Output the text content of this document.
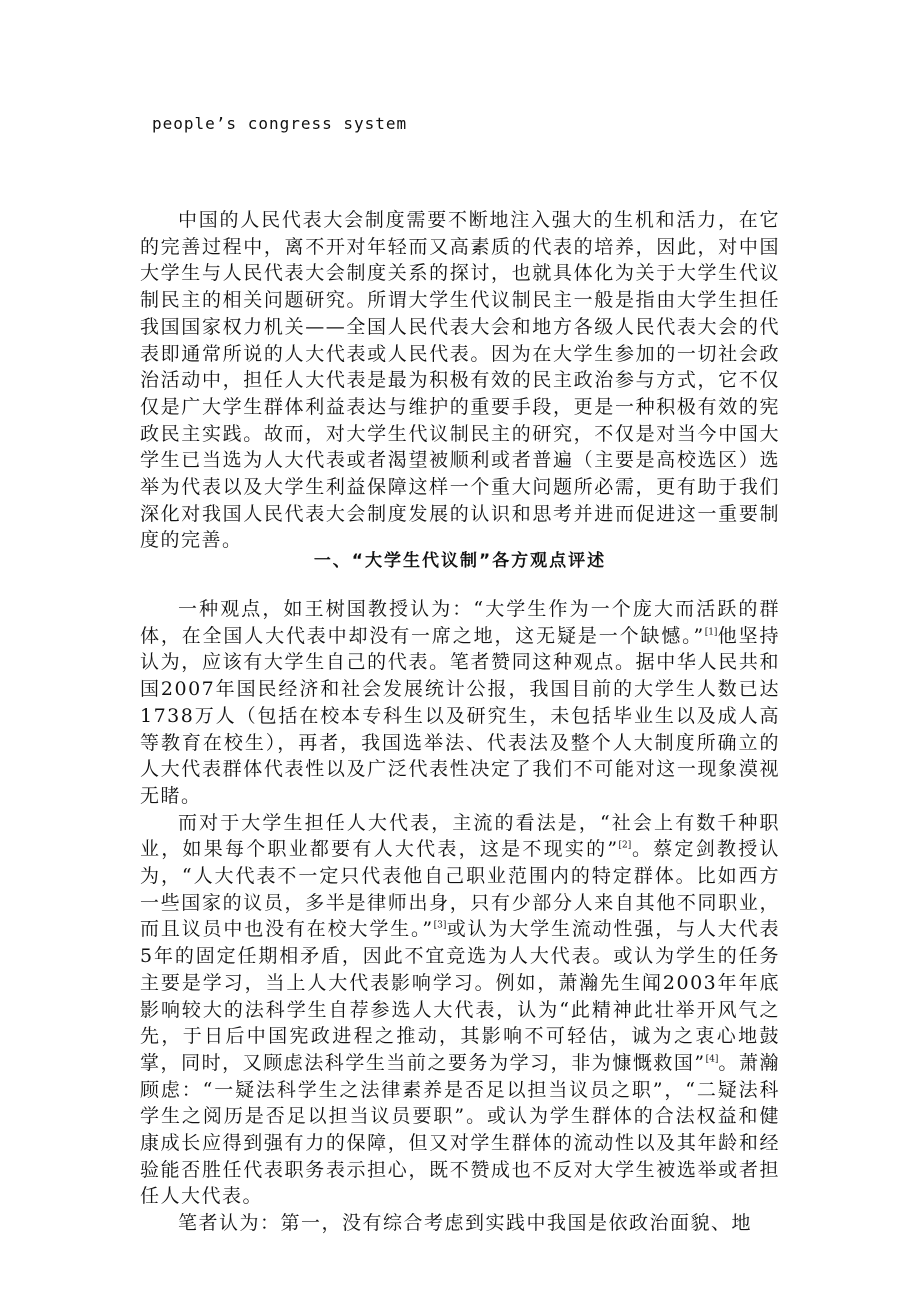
people’s congress system

中国的人民代表大会制度需要不断地注入强大的生机和活力，在它的完善过程中，离不开对年轻而又高素质的代表的培养，因此，对中国大学生与人民代表大会制度关系的探讨，也就具体化为关于大学生代议制民主的相关问题研究。所谓大学生代议制民主一般是指由大学生担任我国国家权力机关——全国人民代表大会和地方各级人民代表大会的代表即通常所说的人大代表或人民代表。因为在大学生参加的一切社会政治活动中，担任人大代表是最为积极有效的民主政治参与方式，它不仅仅是广大学生群体利益表达与维护的重要手段，更是一种积极有效的宪政民主实践。故而，对大学生代议制民主的研究，不仅是对当今中国大学生已当选为人大代表或者渴望被顺利或者普遍（主要是高校选区）选举为代表以及大学生利益保障这样一个重大问题所必需，更有助于我们深化对我国人民代表大会制度发展的认识和思考并进而促进这一重要制度的完善。

一、“大学生代议制”各方观点评述

一种观点，如王树国教授认为：“大学生作为一个庞大而活跃的群体，在全国人大代表中却没有一席之地，这无疑是一个缺憾。”[1]他坚持认为，应该有大学生自己的代表。笔者赞同这种观点。据中华人民共和国2007年国民经济和社会发展统计公报，我国目前的大学生人数已达1738万人（包括在校本专科生以及研究生，未包括毕业生以及成人高等教育在校生），再者，我国选举法、代表法及整个人大制度所确立的人大代表群体代表性以及广泛代表性决定了我们不可能对这一现象漠视无睹。

而对于大学生担任人大代表，主流的看法是，“社会上有数千种职业，如果每个职业都要有人大代表，这是不现实的”[2]。蔡定剑教授认为，“人大代表不一定只代表他自己职业范围内的特定群体。比如西方一些国家的议员，多半是律师出身，只有少部分人来自其他不同职业，而且议员中也没有在校大学生。”[3]或认为大学生流动性强，与人大代表5年的固定任期相矛盾，因此不宜竞选为人大代表。或认为学生的任务主要是学习，当上人大代表影响学习。例如，萧瀚先生闻2003年年底影响较大的法科学生自荐参选人大代表，认为“此精神此壮举开风气之先，于日后中国宪政进程之推动，其影响不可轻估，诚为之衷心地鼓掌，同时，又顾虑法科学生当前之要务为学习，非为慷慨救国”[4]。萧瀚顾虑：“一疑法科学生之法律素养是否足以担当议员之职”，“二疑法科学生之阅历是否足以担当议员要职”。或认为学生群体的合法权益和健康成长应得到强有力的保障，但又对学生群体的流动性以及其年龄和经验能否胜任代表职务表示担心，既不赞成也不反对大学生被选举或者担任人大代表。

笔者认为：第一，没有综合考虑到实践中我国是依政治面貌、地
